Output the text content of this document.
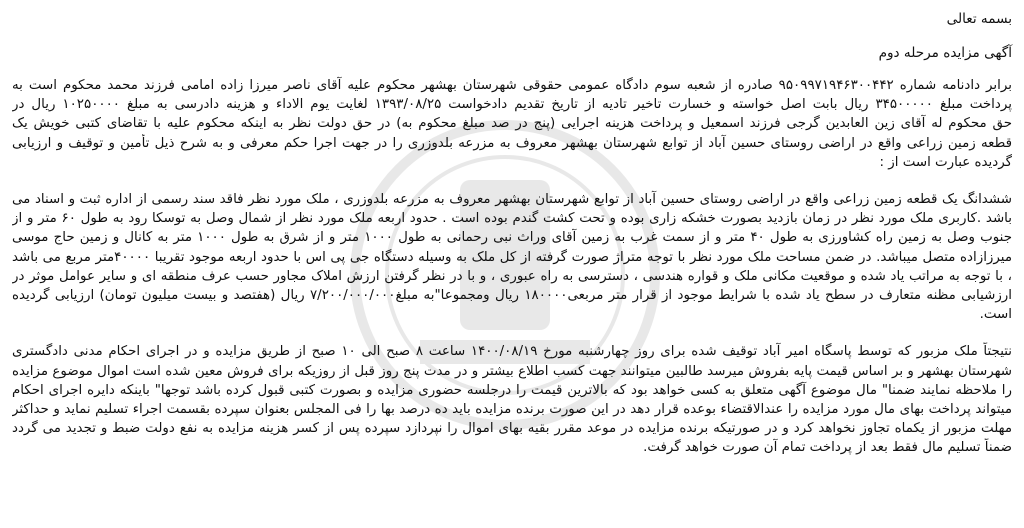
بسمه تعالی
آگهی مزایده مرحله دوم
برابر دادنامه شماره ۹۵۰۹۹۷۱۹۴۶۳۰۰۴۴۲ صادره از شعبه سوم دادگاه عمومی حقوقی شهرستان بهشهر محکوم علیه آقای ناصر میرزا زاده امامی فرزند محمد محکوم است به
پرداخت مبلغ ۳۴۵۰۰۰۰۰ ریال بابت اصل خواسته و خسارت تاخیر تادیه از تاریخ تقدیم دادخواست ۱۳۹۳/۰۸/۲۵ لغایت یوم الاداء و هزینه دادرسی به مبلغ ۱۰۲۵۰۰۰۰ ریال در
حق محکوم له آقای زین العابدین گرجی فرزند اسمعیل و پرداخت هزینه اجرایی (پنج در صد مبلغ محکوم به) در حق دولت نظر به اینکه محکوم علیه با تقاضای کتبی خویش یک
قطعه زمین زراعی واقع در اراضی روستای حسین آباد از توابع شهرستان بهشهر معروف به مزرعه بلدوزری را در جهت اجرا حکم معرفی و به شرح ذیل تأمین و توقیف و ارزیابی
گردیده عبارت است از :
ششدانگ یک قطعه زمین زراعی واقع در اراضی روستای حسین آباد از توابع شهرستان بهشهر معروف به مزرعه بلدوزری ، ملک مورد نظر فاقد سند رسمی از اداره ثبت و اسناد می
باشد .کاربری ملک مورد نظر در زمان بازدید بصورت خشکه زاری بوده و تحت کشت گندم بوده است . حدود اربعه ملک مورد نظر از شمال وصل به توسکا رود به طول ۶۰ متر و از
جنوب وصل به زمین راه کشاورزی به طول ۴۰ متر و از سمت غرب به زمین آقای وراث نبی رحمانی به طول ۱۰۰۰ متر و از شرق به طول ۱۰۰۰ متر به کانال و زمین حاج موسی
میرزازاده متصل میباشد. در ضمن مساحت ملک مورد نظر با توجه متراژ صورت گرفته از کل ملک به وسیله دستگاه جی پی اس با حدود اربعه موجود تقریبا ۴۰۰۰۰متر مربع می باشد
، با توجه به مراتب یاد شده و موقعیت مکانی ملک و قواره هندسی ، دسترسی به راه عبوری ، و با در نظر گرفتن ارزش املاک مجاور حسب عرف منطقه ای و سایر عوامل موثر در
ارزشیابی مظنه متعارف در سطح یاد شده با شرایط موجود از قرار متر مربعی۱۸۰۰۰۰ ریال ومجموعا"به مبلغ۷/۲۰۰/۰۰۰/۰۰۰ ریال (هفتصد و بیست میلیون تومان) ارزیابی گردیده
است.
نتیجتاً ملک مزبور که توسط پاسگاه امیر آباد توقیف شده برای روز چهارشنبه مورخ ۱۴۰۰/۰۸/۱۹ ساعت ۸ صبح الی ۱۰ صبح از طریق مزایده و در اجرای احکام مدنی دادگستری
شهرستان بهشهر و بر اساس قیمت پایه بفروش میرسد طالبین میتوانند جهت کسب اطلاع بیشتر و در مدت پنج روز قبل از روزیکه برای فروش معین شده است اموال موضوع مزایده
را ملاحظه نمایند ضمنا" مال موضوع آگهی متعلق به کسی خواهد بود که بالاترین قیمت را درجلسه حضوری مزایده و بصورت کتبی قبول کرده باشد توجها" باینکه دایره اجرای احکام
میتواند پرداخت بهای مال مورد مزایده را عندالاقتضاء بوعده قرار دهد در این صورت برنده مزایده باید ده درصد بها را فی المجلس بعنوان سپرده بقسمت اجراء تسلیم نماید و حداکثر
مهلت مزبور از یکماه تجاوز نخواهد کرد و در صورتیکه برنده مزایده در موعد مقرر بقیه بهای اموال را نپردازد سپرده پس از کسر هزینه مزایده به نفع دولت ضبط و تجدید می گردد
ضمناً تسلیم مال فقط بعد از پرداخت تمام آن صورت خواهد گرفت.
